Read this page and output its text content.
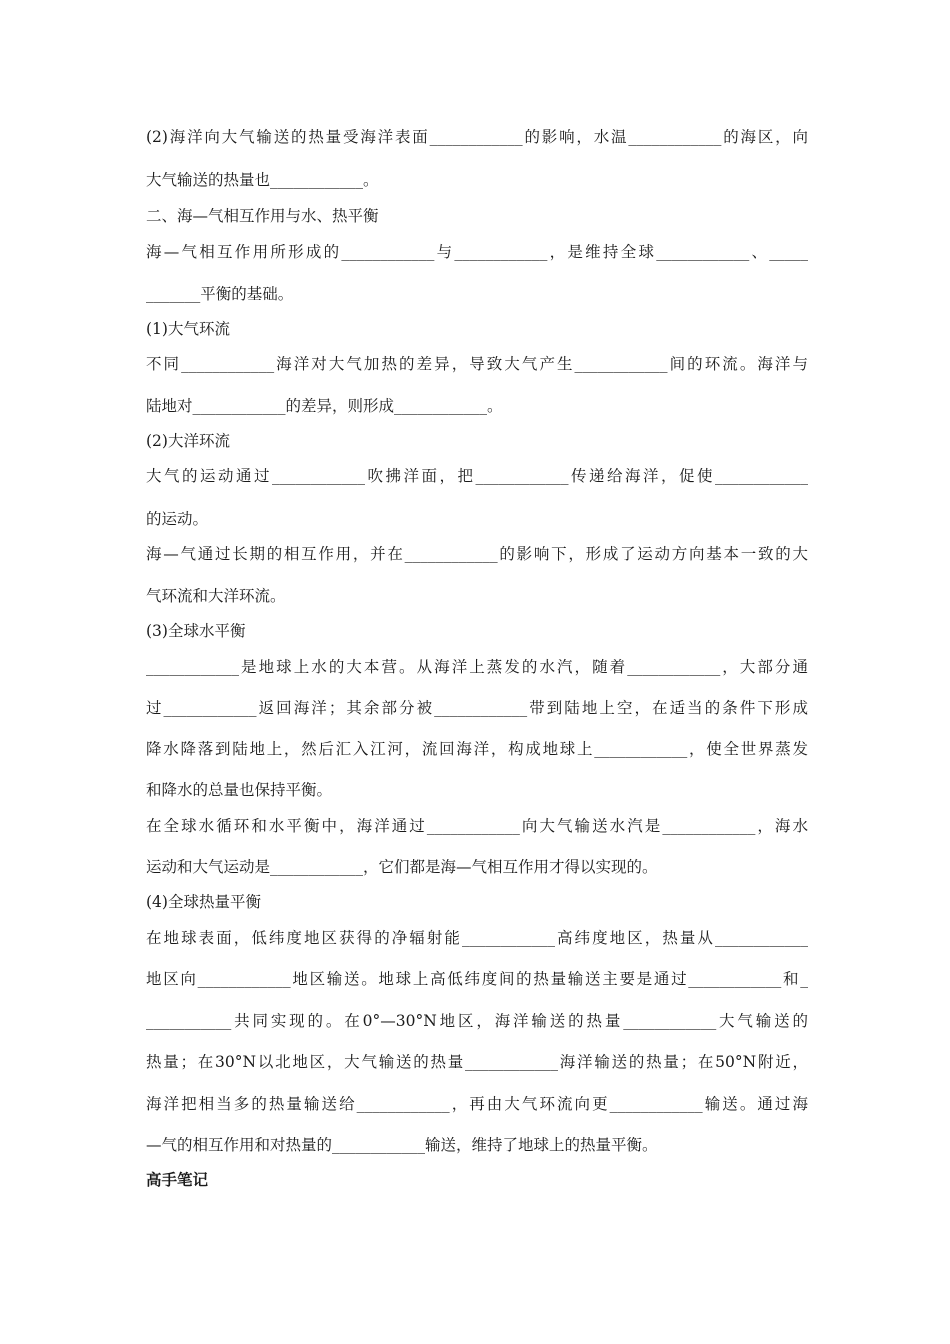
(2)海洋向大气输送的热量受海洋表面____________的影响，水温____________的海区，向
大气输送的热量也____________。
二、海—气相互作用与水、热平衡
海—气相互作用所形成的____________与____________，是维持全球____________、_____
_______平衡的基础。
(1)大气环流
不同____________海洋对大气加热的差异，导致大气产生____________间的环流。海洋与
陆地对____________的差异，则形成____________。
(2)大洋环流
大气的运动通过____________吹拂洋面，把____________传递给海洋，促使____________
的运动。
海—气通过长期的相互作用，并在____________的影响下，形成了运动方向基本一致的大
气环流和大洋环流。
(3)全球水平衡
____________是地球上水的大本营。从海洋上蒸发的水汽，随着____________，大部分通
过____________返回海洋；其余部分被____________带到陆地上空，在适当的条件下形成
降水降落到陆地上，然后汇入江河，流回海洋，构成地球上____________，使全世界蒸发
和降水的总量也保持平衡。
在全球水循环和水平衡中，海洋通过____________向大气输送水汽是____________，海水
运动和大气运动是____________，它们都是海—气相互作用才得以实现的。
(4)全球热量平衡
在地球表面，低纬度地区获得的净辐射能____________高纬度地区，热量从____________
地区向____________地区输送。地球上高低纬度间的热量输送主要是通过____________和_
___________共同实现的。在0°—30°N地区，海洋输送的热量____________大气输送的
热量；在30°N以北地区，大气输送的热量____________海洋输送的热量；在50°N附近，
海洋把相当多的热量输送给____________，再由大气环流向更____________输送。通过海
—气的相互作用和对热量的____________输送，维持了地球上的热量平衡。
高手笔记
